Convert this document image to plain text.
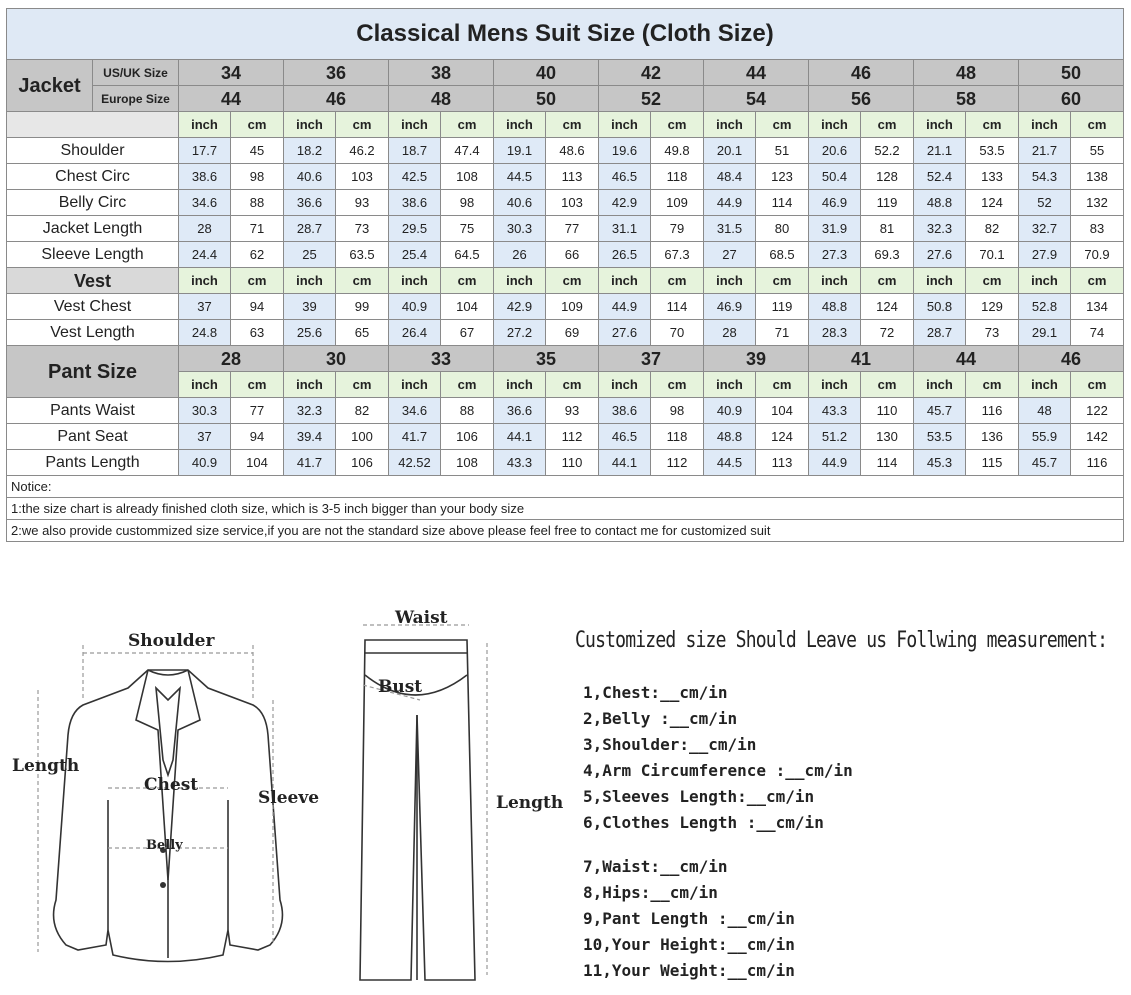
Classical Mens Suit Size (Cloth Size)																			
Jacket	US/UK Size	34		36		38		40		42		44		46		48		50	
	Europe Size	44		46		48		50		52		54		56		58		60	
		inch	cm	inch	cm	inch	cm	inch	cm	inch	cm	inch	cm	inch	cm	inch	cm	inch	cm
Shoulder		17.7	45	18.2	46.2	18.7	47.4	19.1	48.6	19.6	49.8	20.1	51	20.6	52.2	21.1	53.5	21.7	55
Chest Circ		38.6	98	40.6	103	42.5	108	44.5	113	46.5	118	48.4	123	50.4	128	52.4	133	54.3	138
Belly Circ		34.6	88	36.6	93	38.6	98	40.6	103	42.9	109	44.9	114	46.9	119	48.8	124	52	132
Jacket Length		28	71	28.7	73	29.5	75	30.3	77	31.1	79	31.5	80	31.9	81	32.3	82	32.7	83
Sleeve Length		24.4	62	25	63.5	25.4	64.5	26	66	26.5	67.3	27	68.5	27.3	69.3	27.6	70.1	27.9	70.9
Vest		inch	cm	inch	cm	inch	cm	inch	cm	inch	cm	inch	cm	inch	cm	inch	cm	inch	cm
Vest Chest		37	94	39	99	40.9	104	42.9	109	44.9	114	46.9	119	48.8	124	50.8	129	52.8	134
Vest Length		24.8	63	25.6	65	26.4	67	27.2	69	27.6	70	28	71	28.3	72	28.7	73	29.1	74
Pant Size		28		30		33		35		37		39		41		44		46	
		inch	cm	inch	cm	inch	cm	inch	cm	inch	cm	inch	cm	inch	cm	inch	cm	inch	cm
Pants Waist		30.3	77	32.3	82	34.6	88	36.6	93	38.6	98	40.9	104	43.3	110	45.7	116	48	122
Pant Seat		37	94	39.4	100	41.7	106	44.1	112	46.5	118	48.8	124	51.2	130	53.5	136	55.9	142
Pants Length		40.9	104	41.7	106	42.52	108	43.3	110	44.1	112	44.5	113	44.9	114	45.3	115	45.7	116
Notice:																			
1:the size chart is already finished cloth size, which is 3-5 inch bigger than your body size																			
2:we also provide custommized size service,if you are not the standard size above please feel free to contact me for customized suit																			
Shoulder
Length
Chest
Sleeve
Belly
Waist
Bust
Length
Customized size Should Leave us Follwing measurement:
1,Chest:__cm/in
2,Belly :__cm/in
3,Shoulder:__cm/in
4,Arm Circumference :__cm/in
5,Sleeves Length:__cm/in
6,Clothes Length :__cm/in
7,Waist:__cm/in
8,Hips:__cm/in
9,Pant Length :__cm/in
10,Your Height:__cm/in
11,Your Weight:__cm/in
